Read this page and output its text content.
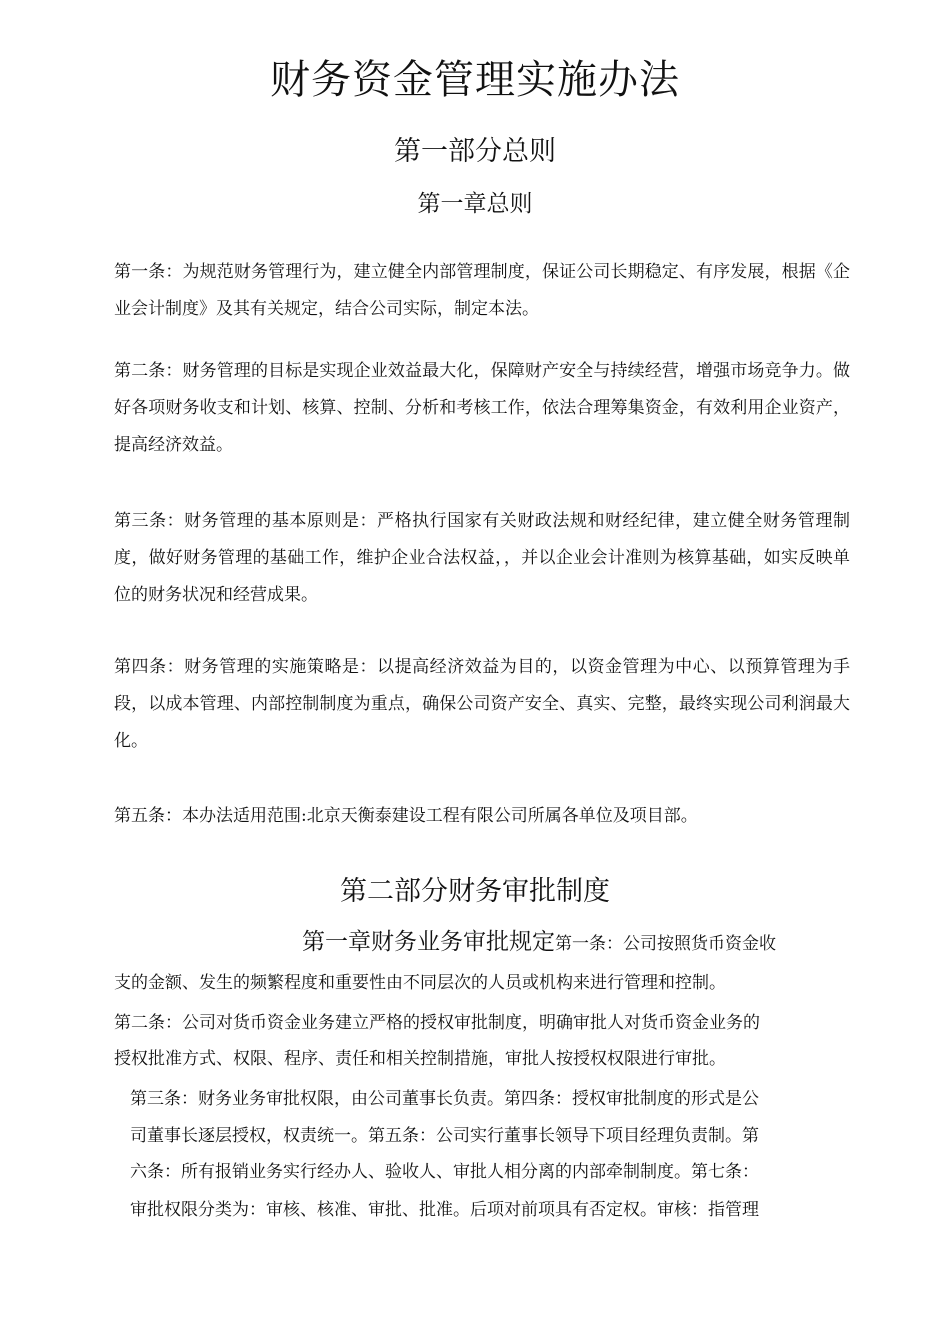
财务资金管理实施办法
第一部分总则
第一章总则
第一条：为规范财务管理行为，建立健全内部管理制度，保证公司长期稳定、有序发展，根据《企业会计制度》及其有关规定，结合公司实际，制定本法。
第二条：财务管理的目标是实现企业效益最大化，保障财产安全与持续经营，增强市场竞争力。做好各项财务收支和计划、核算、控制、分析和考核工作，依法合理筹集资金，有效利用企业资产，提高经济效益。
第三条：财务管理的基本原则是：严格执行国家有关财政法规和财经纪律，建立健全财务管理制度，做好财务管理的基础工作，维护企业合法权益，，并以企业会计准则为核算基础，如实反映单位的财务状况和经营成果。
第四条：财务管理的实施策略是：以提高经济效益为目的，以资金管理为中心、以预算管理为手段，以成本管理、内部控制制度为重点，确保公司资产安全、真实、完整，最终实现公司利润最大化。
第五条：本办法适用范围:北京天衡泰建设工程有限公司所属各单位及项目部。
第二部分财务审批制度
第一章财务业务审批规定第一条：公司按照货币资金收
支的金额、发生的频繁程度和重要性由不同层次的人员或机构来进行管理和控制。
第二条：公司对货币资金业务建立严格的授权审批制度，明确审批人对货币资金业务的
授权批准方式、权限、程序、责任和相关控制措施，审批人按授权权限进行审批。
第三条：财务业务审批权限，由公司董事长负责。第四条：授权审批制度的形式是公
司董事长逐层授权，权责统一。第五条：公司实行董事长领导下项目经理负责制。第
六条：所有报销业务实行经办人、验收人、审批人相分离的内部牵制制度。第七条：
审批权限分类为：审核、核准、审批、批准。后项对前项具有否定权。审核：指管理
